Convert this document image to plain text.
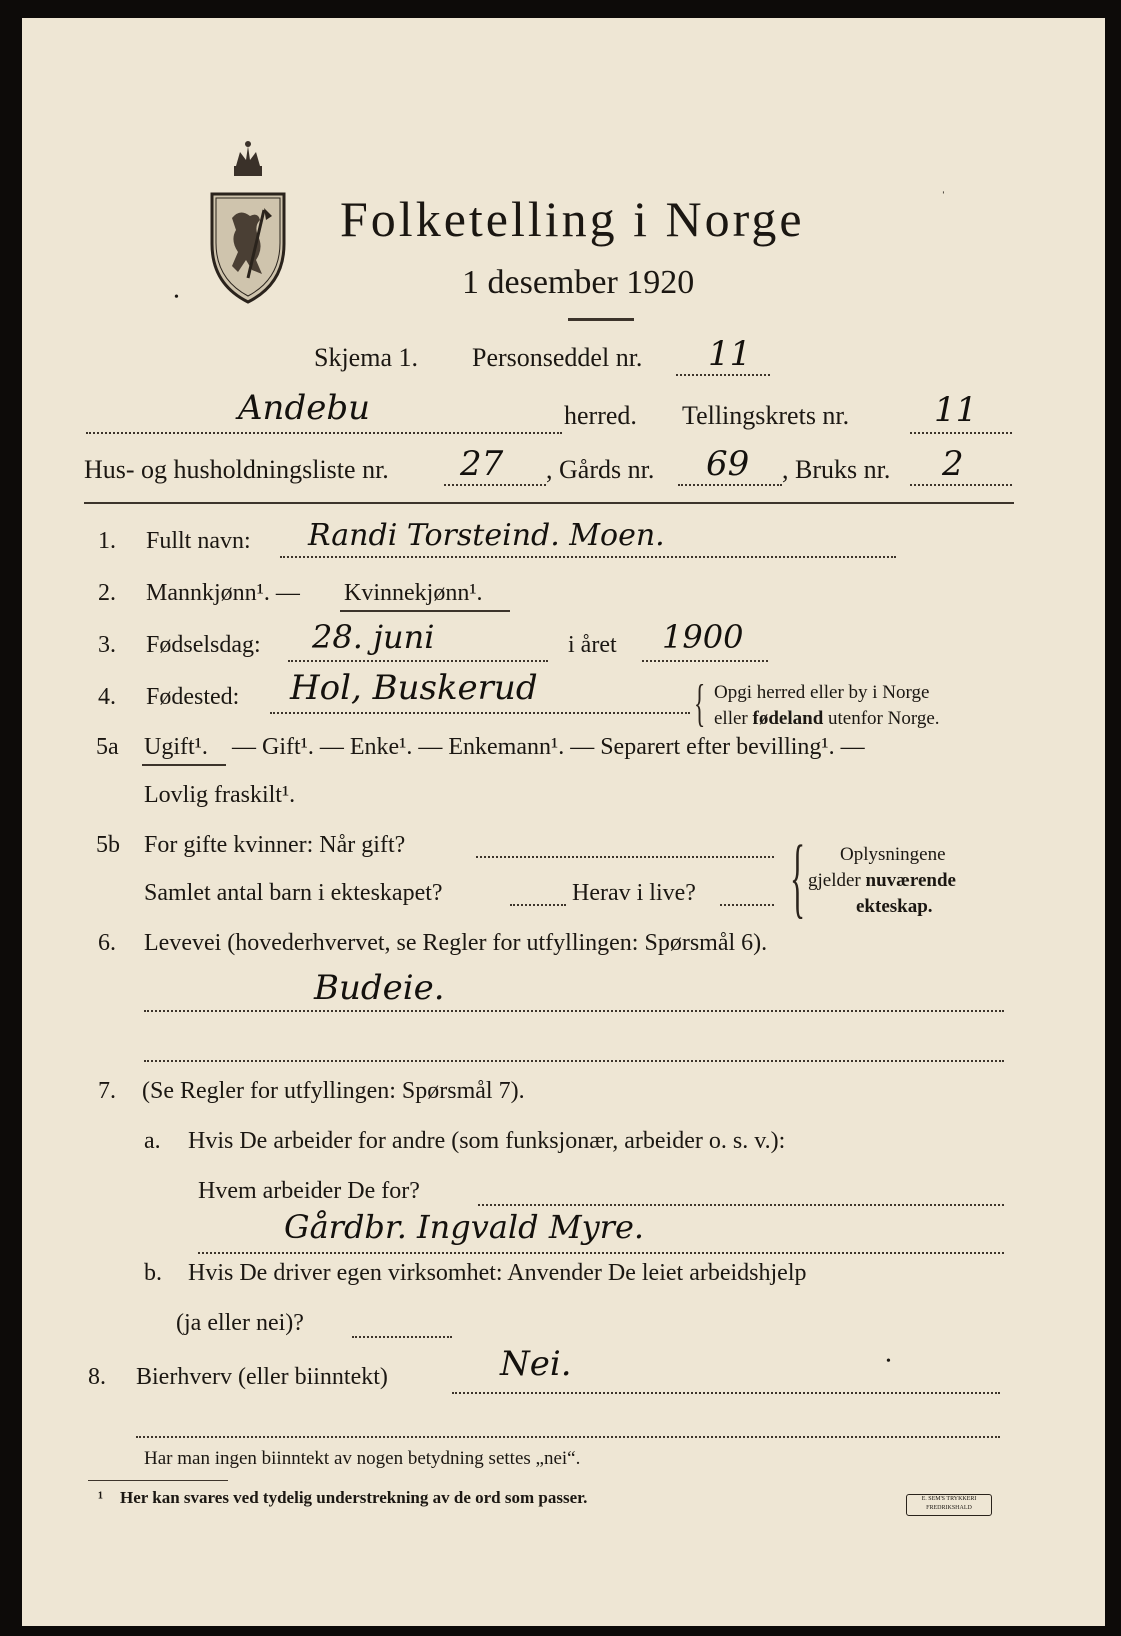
Folketelling i Norge
1 desember 1920
•
ˈ
Skjema 1. Personseddel nr. 11
Andebu	herred. Tellingskrets nr. 11
Hus- og husholdningsliste nr. 27 , Gårds nr. 69 , Bruks nr. 2
1. Fullt navn: Randi Torsteind. Moen.
2. Mannkjønn¹. — Kvinnekjønn¹.
3. Fødselsdag: 28. juni	i året 1900
4. Fødested: Hol, Buskerud	{ Opgi herred eller by i Norge
eller fødeland utenfor Norge.
5a Ugift¹. — Gift¹. — Enke¹. — Enkemann¹. — Separert efter bevilling¹. —
Lovlig fraskilt¹.
5b For gifte kvinner: Når gift?
Samlet antal barn i ekteskapet?	Herav i live? { Oplysningene
gjelder nuværende
ekteskap.
6. Levevei (hovederhvervet, se Regler for utfyllingen: Spørsmål 6).
Budeie.
7. (Se Regler for utfyllingen: Spørsmål 7).
a. Hvis De arbeider for andre (som funksjonær, arbeider o. s. v.):
Hvem arbeider De for?
Gårdbr. Ingvald Myre.
b. Hvis De driver egen virksomhet: Anvender De leiet arbeidshjelp
(ja eller nei)?
8. Bierhverv (eller biinntekt)	Nei.	•
Har man ingen biinntekt av nogen betydning settes „nei“.
¹ Her kan svares ved tydelig understrekning av de ord som passer.	E. SEM'S TRYKKERI FREDRIKSHALD
